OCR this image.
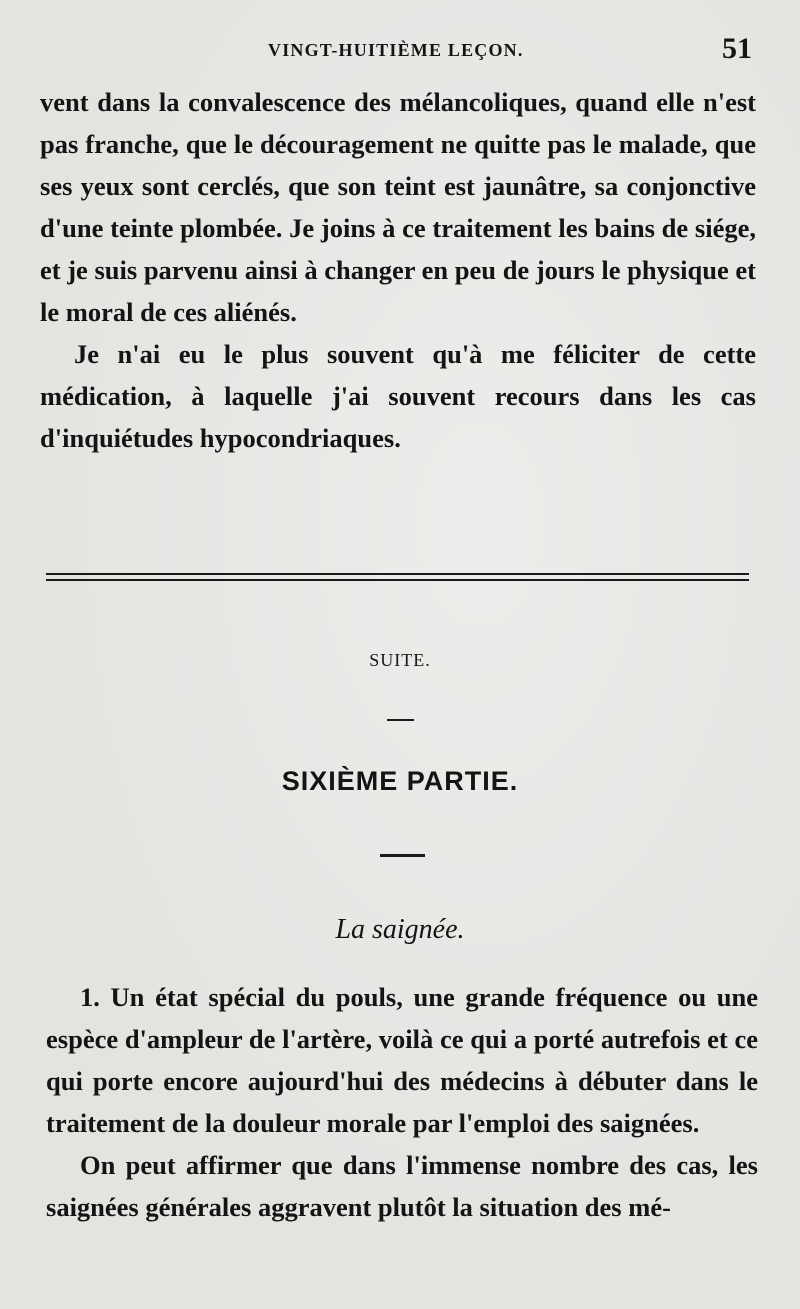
VINGT-HUITIÈME LEÇON.	51

vent dans la convalescence des mélancoliques, quand elle n'est pas franche, que le découragement ne quitte pas le malade, que ses yeux sont cerclés, que son teint est jaunâtre, sa conjonctive d'une teinte plombée. Je joins à ce traitement les bains de siége, et je suis parvenu ainsi à changer en peu de jours le physique et le moral de ces aliénés.

Je n'ai eu le plus souvent qu'à me féliciter de cette médication, à laquelle j'ai souvent recours dans les cas d'inquiétudes hypocondriaques.

SUITE.
SIXIÈME PARTIE.
La saignée.

1. Un état spécial du pouls, une grande fréquence ou une espèce d'ampleur de l'artère, voilà ce qui a porté autrefois et ce qui porte encore aujourd'hui des médecins à débuter dans le traitement de la douleur morale par l'emploi des saignées.

On peut affirmer que dans l'immense nombre des cas, les saignées générales aggravent plutôt la situation des mé-
